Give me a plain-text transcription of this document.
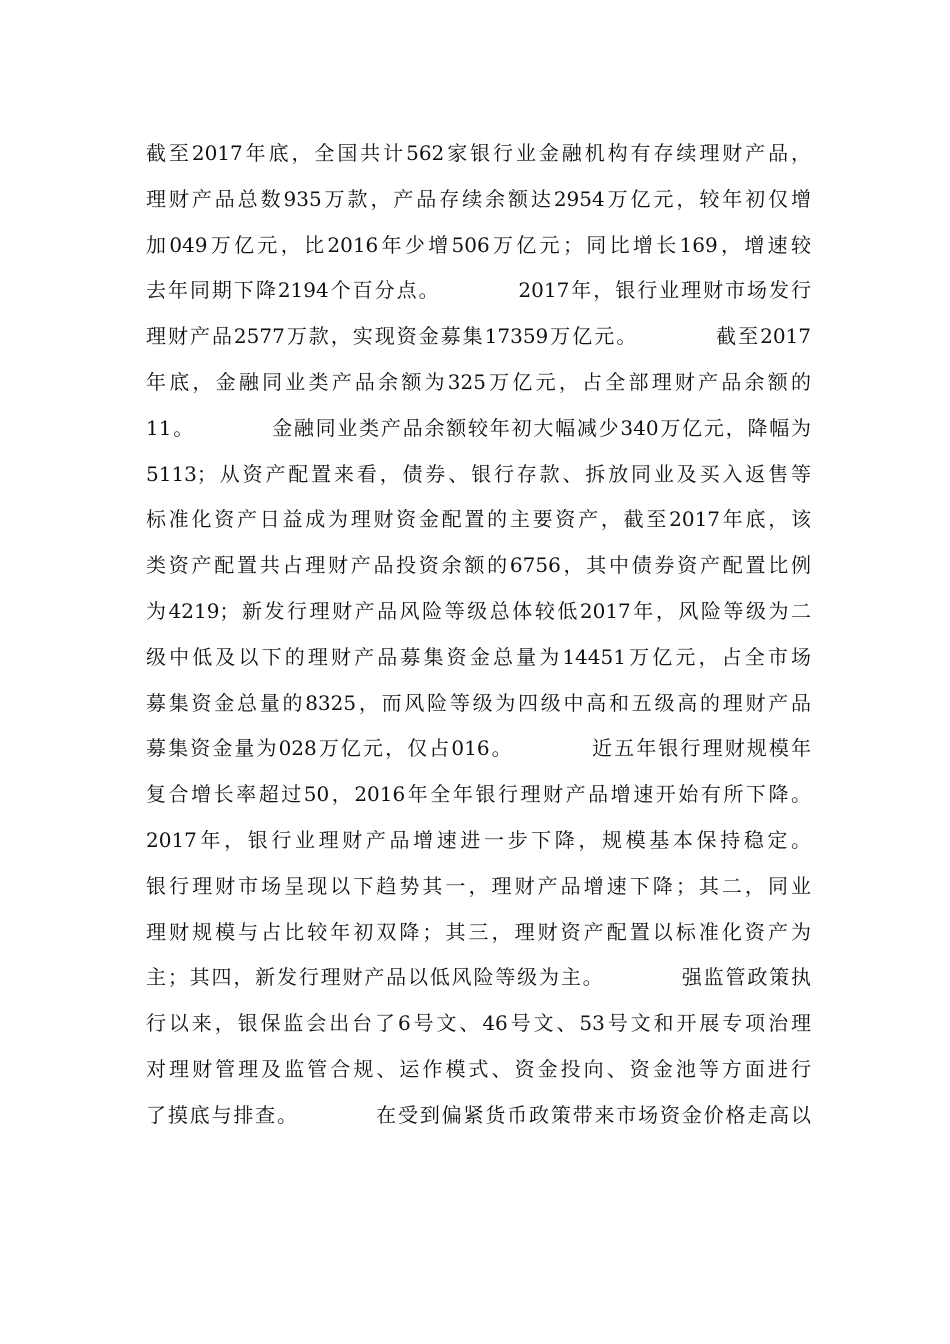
截至2017年底，全国共计562家银行业金融机构有存续理财产品，
理财产品总数935万款，产品存续余额达2954万亿元，较年初仅增
加049万亿元，比2016年少增506万亿元；同比增长169，增速较
去年同期下降2194个百分点。　　　　2017年，银行业理财市场发行
理财产品2577万款，实现资金募集17359万亿元。　　　　截至2017
年底，金融同业类产品余额为325万亿元，占全部理财产品余额的
11。　　　　金融同业类产品余额较年初大幅减少340万亿元，降幅为
5113；从资产配置来看，债券、银行存款、拆放同业及买入返售等
标准化资产日益成为理财资金配置的主要资产，截至2017年底，该
类资产配置共占理财产品投资余额的6756，其中债券资产配置比例
为4219；新发行理财产品风险等级总体较低2017年，风险等级为二
级中低及以下的理财产品募集资金总量为14451万亿元，占全市场
募集资金总量的8325，而风险等级为四级中高和五级高的理财产品
募集资金量为028万亿元，仅占016。　　　　近五年银行理财规模年
复合增长率超过50，2016年全年银行理财产品增速开始有所下降。
2017年，银行业理财产品增速进一步下降，规模基本保持稳定。
银行理财市场呈现以下趋势其一，理财产品增速下降；其二，同业
理财规模与占比较年初双降；其三，理财资产配置以标准化资产为
主；其四，新发行理财产品以低风险等级为主。　　　　强监管政策执
行以来，银保监会出台了6号文、46号文、53号文和开展专项治理
对理财管理及监管合规、运作模式、资金投向、资金池等方面进行
了摸底与排查。　　　　在受到偏紧货币政策带来市场资金价格走高以
